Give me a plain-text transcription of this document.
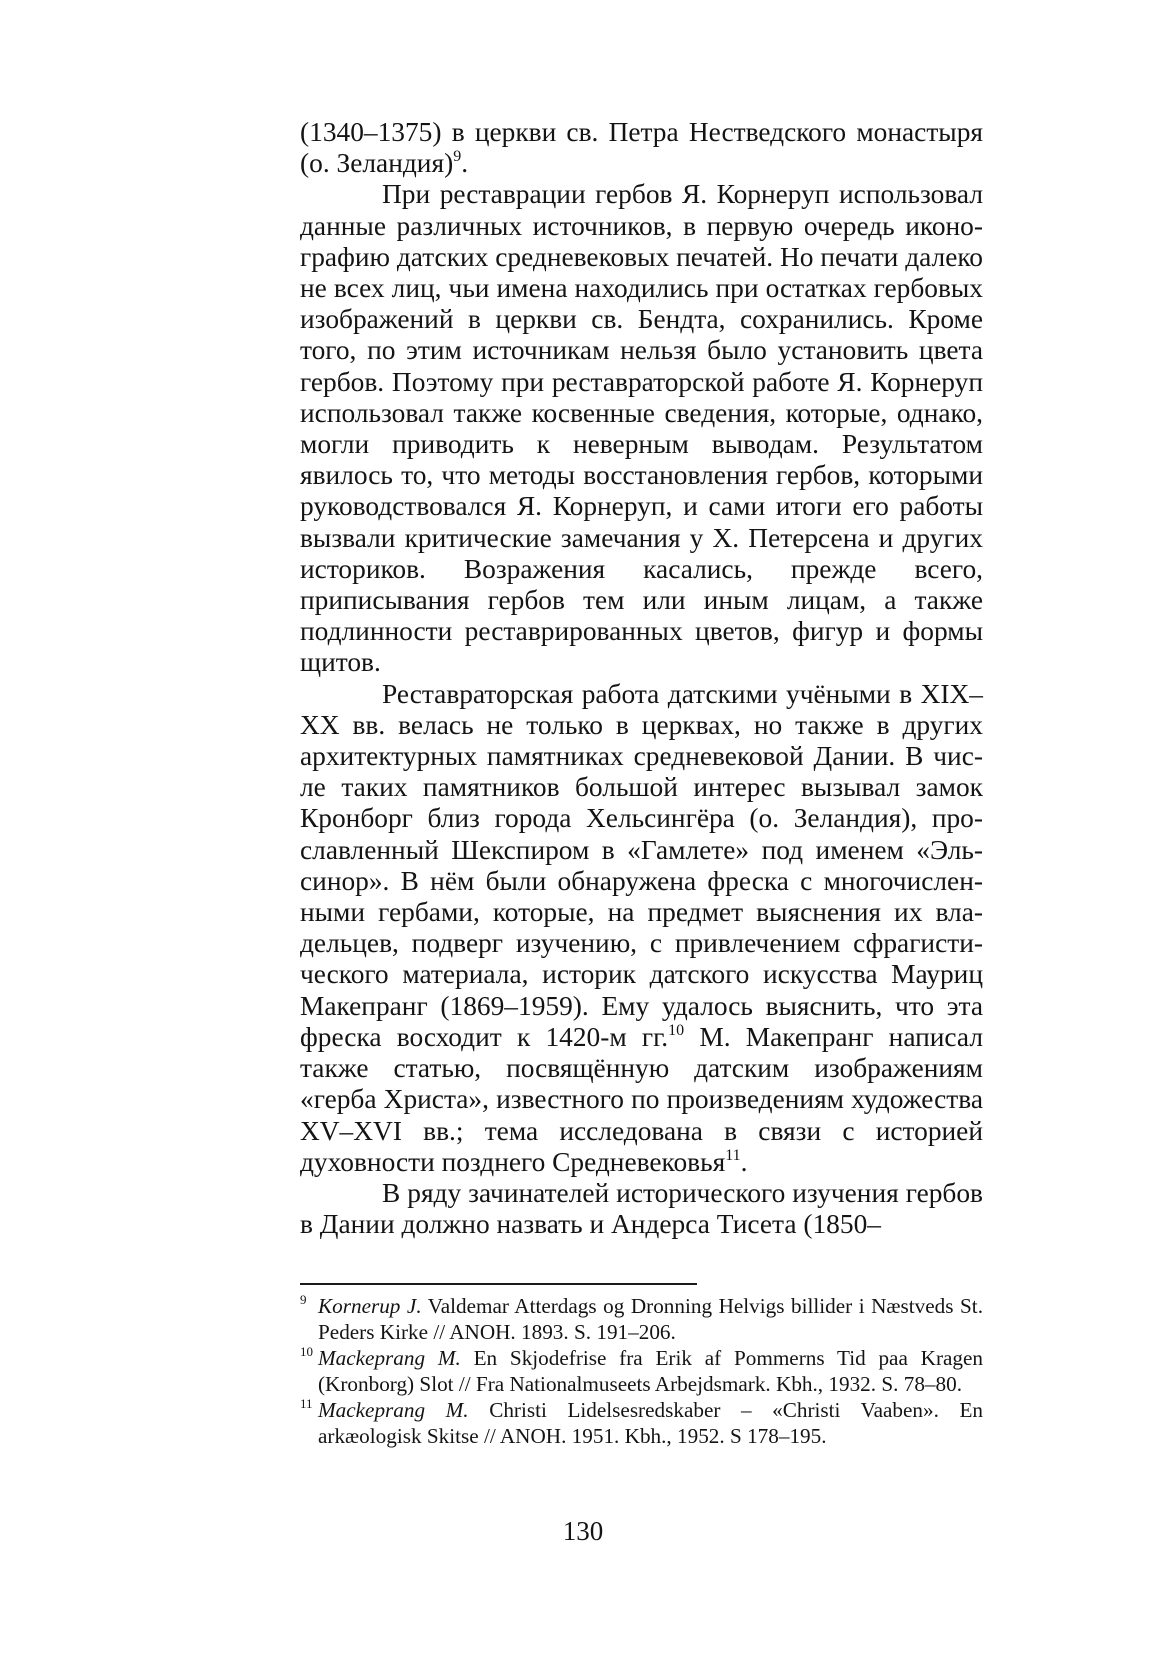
(1340–1375) в церкви св. Петра Нестведского монастыря (о. Зеландия)$^9$.

При реставрации гербов Я. Корнеруп использовал данные различных источников, в первую очередь иконографию датских средневековых печатей. Но печати далеко не всех лиц, чьи имена находились при остатках гербовых изображений в церкви св. Бендта, сохранились. Кроме того, по этим источникам нельзя было установить цвета гербов. Поэтому при реставраторской работе Я. Корнеруп использовал также косвенные сведения, которые, однако, могли приводить к неверным выводам. Результатом явилось то, что методы восстановления гербов, которыми руководствовался Я. Корнеруп, и сами итоги его работы вызвали критические замечания у Х. Петерсена и других историков. Возражения касались, прежде всего, приписывания гербов тем или иным лицам, а также подлинности реставрированных цветов, фигур и формы щитов.

Реставраторская работа датскими учёными в XIX–XX вв. велась не только в церквах, но также в других архитектурных памятниках средневековой Дании. В числе таких памятников большой интерес вызывал замок Кронборг близ города Хельсингёра (о. Зеландия), прославленный Шекспиром в «Гамлете» под именем «Эльсинор». В нём были обнаружена фреска с многочисленными гербами, которые, на предмет выяснения их владельцев, подверг изучению, с привлечением сфрагистического материала, историк датского искусства Мауриц Макепранг (1869–1959). Ему удалось выяснить, что эта фреска восходит к 1420-м гг.$^{10}$ М. Макепранг написал также статью, посвящённую датским изображениям «герба Христа», известного по произведениям художества XV–XVI вв.; тема исследована в связи с историей духовности позднего Средневековья$^{11}$.

В ряду зачинателей исторического изучения гербов в Дании должно назвать и Андерса Тисета (1850–

9 Kornerup J. Valdemar Atterdags og Dronning Helvigs billider i Næstveds St. Peders Kirke // ANOH. 1893. S. 191–206.

10 Mackeprang M. En Skjodefrise fra Erik af Pommerns Tid paa Kragen (Kronborg) Slot // Fra Nationalmuseets Arbejdsmark. Kbh., 1932. S. 78–80.

11 Mackeprang M. Christi Lidelsesredskaber – «Christi Vaaben». En arkæologisk Skitse // ANOH. 1951. Kbh., 1952. S 178–195.

130
